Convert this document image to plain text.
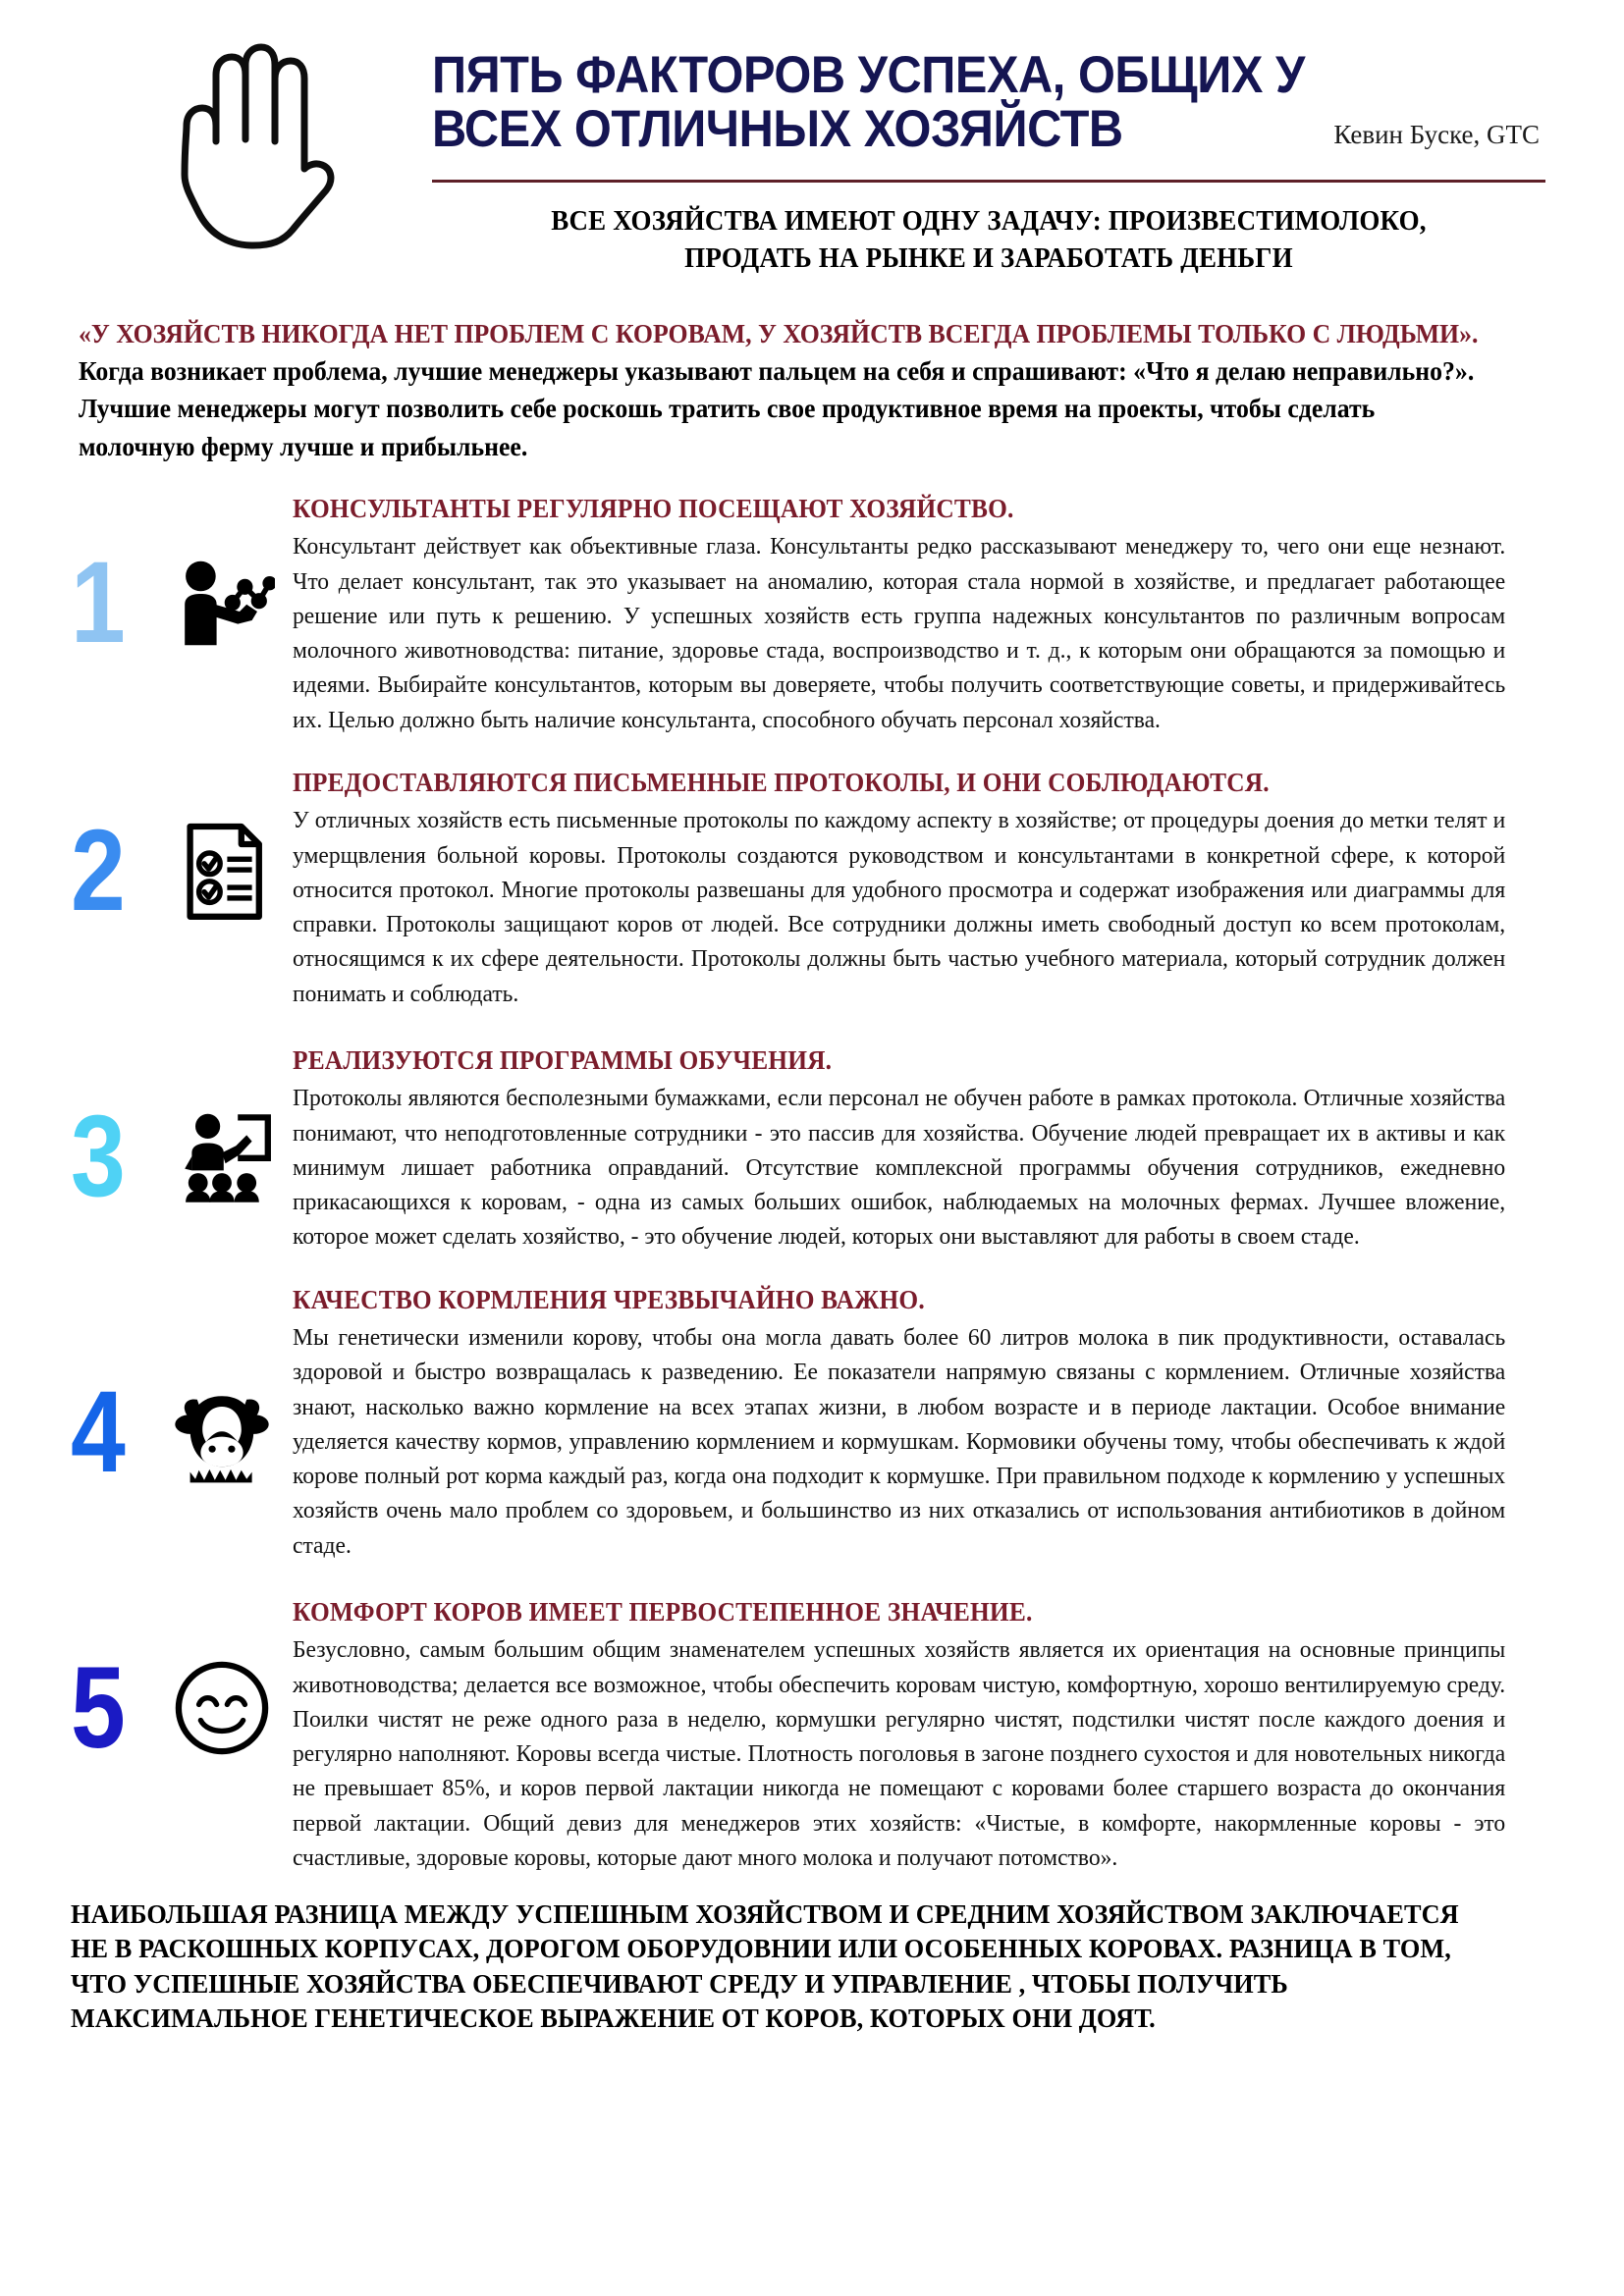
ПЯТЬ ФАКТОРОВ УСПЕХА, ОБЩИХ У
ВСЕХ ОТЛИЧНЫХ ХОЗЯЙСТВ	Кевин Буске, GTC
ВСЕ ХОЗЯЙСТВА ИМЕЮТ ОДНУ ЗАДАЧУ: ПРОИЗВЕСТИМОЛОКО, ПРОДАТЬ НА РЫНКЕ И ЗАРАБОТАТЬ ДЕНЬГИ

«У ХОЗЯЙСТВ НИКОГДА НЕТ ПРОБЛЕМ С КОРОВАМ, У ХОЗЯЙСТВ ВСЕГДА ПРОБЛЕМЫ ТОЛЬКО С ЛЮДЬМИ». Когда возникает проблема, лучшие менеджеры указывают пальцем на себя и спрашивают: «Что я делаю неправильно?». Лучшие менеджеры могут позволить себе роскошь тратить свое продуктивное время на проекты, чтобы сделать молочную ферму лучше и прибыльнее.

1
КОНСУЛЬТАНТЫ РЕГУЛЯРНО ПОСЕЩАЮТ ХОЗЯЙСТВО.

Консультант действует как объективные глаза. Консультанты редко рассказывают менеджеру то, чего они еще незнают. Что делает консультант, так это указывает на аномалию, которая стала нормой в хозяйстве, и предлагает работающее решение или путь к решению. У успешных хозяйств есть группа надежных консультантов по различным вопросам молочного животноводства: питание, здоровье стада, воспроизводство и т. д., к которым они обращаются за помощью и идеями. Выбирайте консультантов, которым вы доверяете, чтобы получить соответствующие советы, и придерживайтесь их. Целью должно быть наличие консультанта, способного обучать персонал хозяйства.

2
ПРЕДОСТАВЛЯЮТСЯ ПИСЬМЕННЫЕ ПРОТОКОЛЫ, И ОНИ СОБЛЮДАЮТСЯ.

У отличных хозяйств есть письменные протоколы по каждому аспекту в хозяйстве; от процедуры доения до метки телят и умерщвления больной коровы. Протоколы создаются руководством и консультантами в конкретной сфере, к которой относится протокол. Многие протоколы развешаны для удобного просмотра и содержат изображения или диаграммы для справки. Протоколы защищают коров от людей. Все сотрудники должны иметь свободный доступ ко всем протоколам, относящимся к их сфере деятельности. Протоколы должны быть частью учебного материала, который сотрудник должен понимать и соблюдать.

3
РЕАЛИЗУЮТСЯ ПРОГРАММЫ ОБУЧЕНИЯ.

Протоколы являются бесполезными бумажками, если персонал не обучен работе в рамках протокола. Отличные хозяйства понимают, что неподготовленные сотрудники - это пассив для хозяйства. Обучение людей превращает их в активы и как минимум лишает работника оправданий. Отсутствие комплексной программы обучения сотрудников, ежедневно прикасающихся к коровам, - одна из самых больших ошибок, наблюдаемых на молочных фермах. Лучшее вложение, которое может сделать хозяйство, - это обучение людей, которых они выставляют для работы в своем стаде.

4
КАЧЕСТВО КОРМЛЕНИЯ ЧРЕЗВЫЧАЙНО ВАЖНО.

Мы генетически изменили корову, чтобы она могла давать более 60 литров молока в пик продуктивности, оставалась здоровой и быстро возвращалась к разведению. Ее показатели напрямую связаны с кормлением. Отличные хозяйства знают, насколько важно кормление на всех этапах жизни, в любом возрасте и в периоде лактации. Особое внимание уделяется качеству кормов, управлению кормлением и кормушкам. Кормовики обучены тому, чтобы обеспечивать к ждой корове полный рот корма каждый раз, когда она подходит к кормушке. При правильном подходе к кормлению у успешных хозяйств очень мало проблем со здоровьем, и большинство из них отказались от использования антибиотиков в дойном стаде.

5
КОМФОРТ КОРОВ ИМЕЕТ ПЕРВОСТЕПЕННОЕ ЗНАЧЕНИЕ.

Безусловно, самым большим общим знаменателем успешных хозяйств является их ориентация на основные принципы животноводства; делается все возможное, чтобы обеспечить коровам чистую, комфортную, хорошо вентилируемую среду. Поилки чистят не реже одного раза в неделю, кормушки регулярно чистят, подстилки чистят после каждого доения и регулярно наполняют. Коровы всегда чистые. Плотность поголовья в загоне позднего сухостоя и для новотельных никогда не превышает 85%, и коров первой лактации никогда не помещают с коровами более старшего возраста до окончания первой лактации. Общий девиз для менеджеров этих хозяйств: «Чистые, в комфорте, накормленные коровы - это счастливые, здоровые коровы, которые дают много молока и получают потомство».

НАИБОЛЬШАЯ РАЗНИЦА МЕЖДУ УСПЕШНЫМ ХОЗЯЙСТВОМ И СРЕДНИМ ХОЗЯЙСТВОМ ЗАКЛЮЧАЕТСЯ НЕ В РАСКОШНЫХ КОРПУСАХ, ДОРОГОМ ОБОРУДОВНИИ ИЛИ ОСОБЕННЫХ КОРОВАХ. РАЗНИЦА В ТОМ, ЧТО УСПЕШНЫЕ ХОЗЯЙСТВА ОБЕСПЕЧИВАЮТ СРЕДУ И УПРАВЛЕНИЕ , ЧТОБЫ ПОЛУЧИТЬ МАКСИМАЛЬНОЕ ГЕНЕТИЧЕСКОЕ ВЫРАЖЕНИЕ ОТ КОРОВ, КОТОРЫХ ОНИ ДОЯТ.
